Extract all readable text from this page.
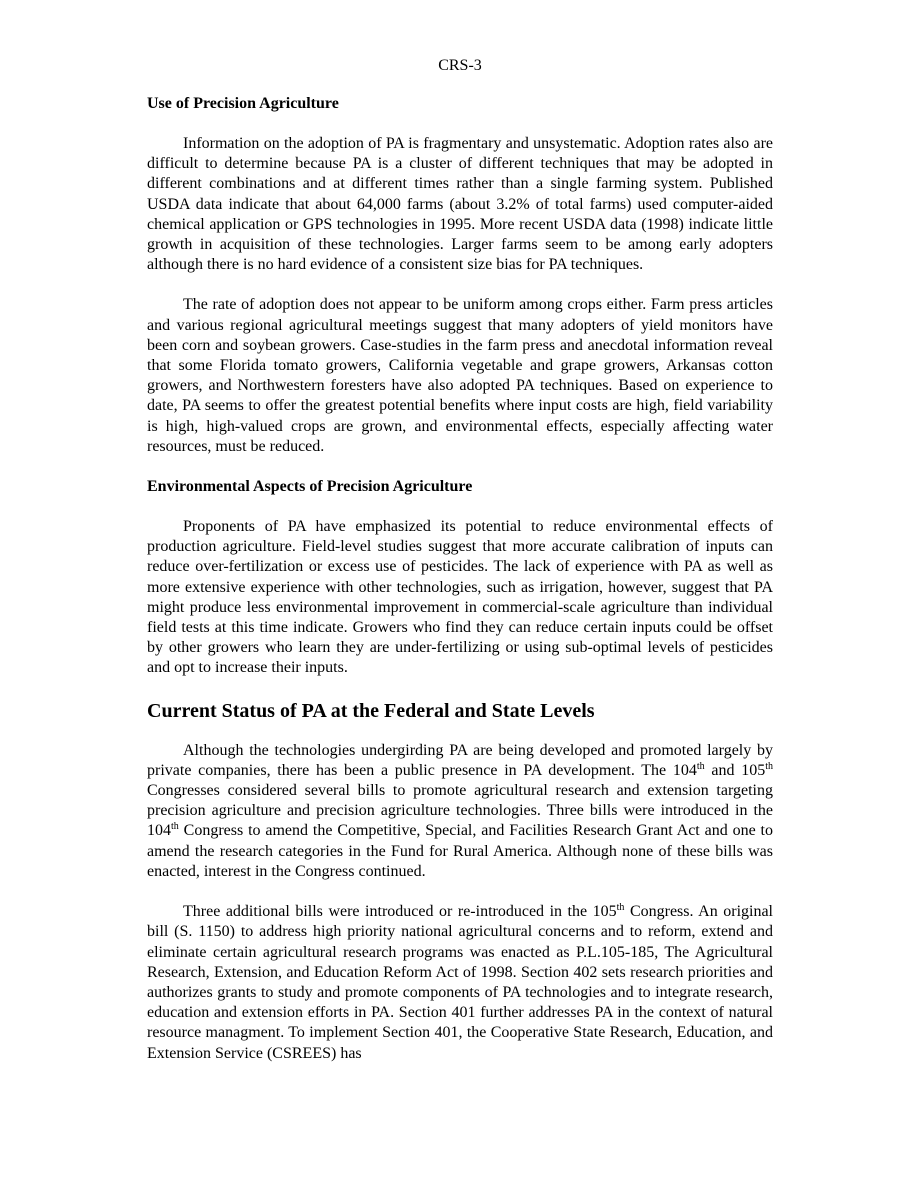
CRS-3
Use of Precision Agriculture

Information on the adoption of PA is fragmentary and unsystematic. Adoption rates also are difficult to determine because PA is a cluster of different techniques that may be adopted in different combinations and at different times rather than a single farming system. Published USDA data indicate that about 64,000 farms (about 3.2% of total farms) used computer-aided chemical application or GPS technologies in 1995. More recent USDA data (1998) indicate little growth in acquisition of these technologies. Larger farms seem to be among early adopters although there is no hard evidence of a consistent size bias for PA techniques.

The rate of adoption does not appear to be uniform among crops either. Farm press articles and various regional agricultural meetings suggest that many adopters of yield monitors have been corn and soybean growers. Case-studies in the farm press and anecdotal information reveal that some Florida tomato growers, California vegetable and grape growers, Arkansas cotton growers, and Northwestern foresters have also adopted PA techniques. Based on experience to date, PA seems to offer the greatest potential benefits where input costs are high, field variability is high, high-valued crops are grown, and environmental effects, especially affecting water resources, must be reduced.

Environmental Aspects of Precision Agriculture

Proponents of PA have emphasized its potential to reduce environmental effects of production agriculture. Field-level studies suggest that more accurate calibration of inputs can reduce over-fertilization or excess use of pesticides. The lack of experience with PA as well as more extensive experience with other technologies, such as irrigation, however, suggest that PA might produce less environmental improvement in commercial-scale agriculture than individual field tests at this time indicate. Growers who find they can reduce certain inputs could be offset by other growers who learn they are under-fertilizing or using sub-optimal levels of pesticides and opt to increase their inputs.

Current Status of PA at the Federal and State Levels

Although the technologies undergirding PA are being developed and promoted largely by private companies, there has been a public presence in PA development. The 104th and 105th Congresses considered several bills to promote agricultural research and extension targeting precision agriculture and precision agriculture technologies. Three bills were introduced in the 104th Congress to amend the Competitive, Special, and Facilities Research Grant Act and one to amend the research categories in the Fund for Rural America. Although none of these bills was enacted, interest in the Congress continued.

Three additional bills were introduced or re-introduced in the 105th Congress. An original bill (S. 1150) to address high priority national agricultural concerns and to reform, extend and eliminate certain agricultural research programs was enacted as P.L.105-185, The Agricultural Research, Extension, and Education Reform Act of 1998. Section 402 sets research priorities and authorizes grants to study and promote components of PA technologies and to integrate research, education and extension efforts in PA. Section 401 further addresses PA in the context of natural resource managment. To implement Section 401, the Cooperative State Research, Education, and Extension Service (CSREES) has
